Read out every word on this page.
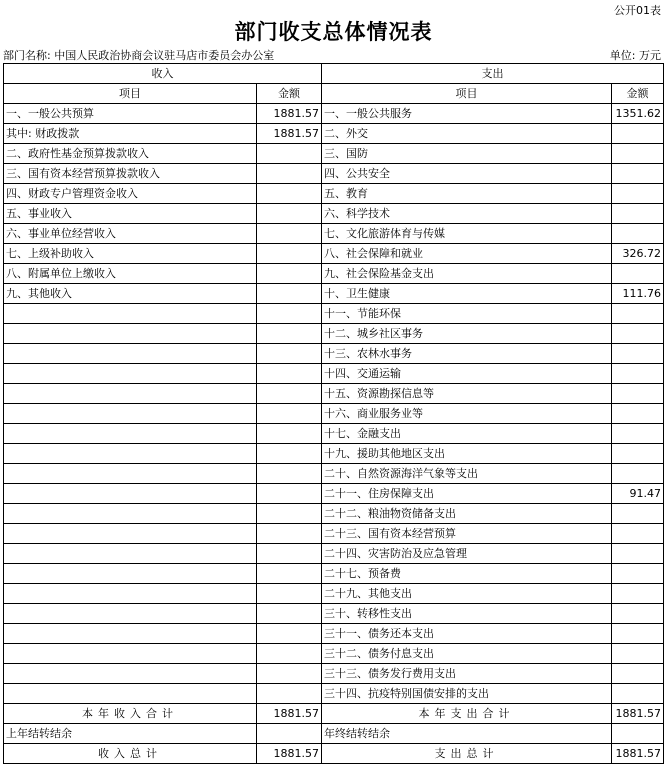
公开01表
部门收支总体情况表
部门名称: 中国人民政治协商会议驻马店市委员会办公室	单位: 万元
收入		支出	
项目	金额	项目	金额
一、一般公共预算	1881.57	一、一般公共服务	1351.62
其中: 财政拨款	1881.57	二、外交	
二、政府性基金预算拨款收入		三、国防	
三、国有资本经营预算拨款收入		四、公共安全	
四、财政专户管理资金收入		五、教育	
五、事业收入		六、科学技术	
六、事业单位经营收入		七、文化旅游体育与传媒	
七、上级补助收入		八、社会保障和就业	326.72
八、附属单位上缴收入		九、社会保险基金支出	
九、其他收入		十、卫生健康	111.76
		十一、节能环保	
		十二、城乡社区事务	
		十三、农林水事务	
		十四、交通运输	
		十五、资源勘探信息等	
		十六、商业服务业等	
		十七、金融支出	
		十九、援助其他地区支出	
		二十、自然资源海洋气象等支出	
		二十一、住房保障支出	91.47
		二十二、粮油物资储备支出	
		二十三、国有资本经营预算	
		二十四、灾害防治及应急管理	
		二十七、预备费	
		二十九、其他支出	
		三十、转移性支出	
		三十一、债务还本支出	
		三十二、债务付息支出	
		三十三、债务发行费用支出	
		三十四、抗疫特别国债安排的支出	
本年收入合计	1881.57	本年支出合计	1881.57
上年结转结余		年终结转结余	
收入总计	1881.57	支出总计	1881.57
